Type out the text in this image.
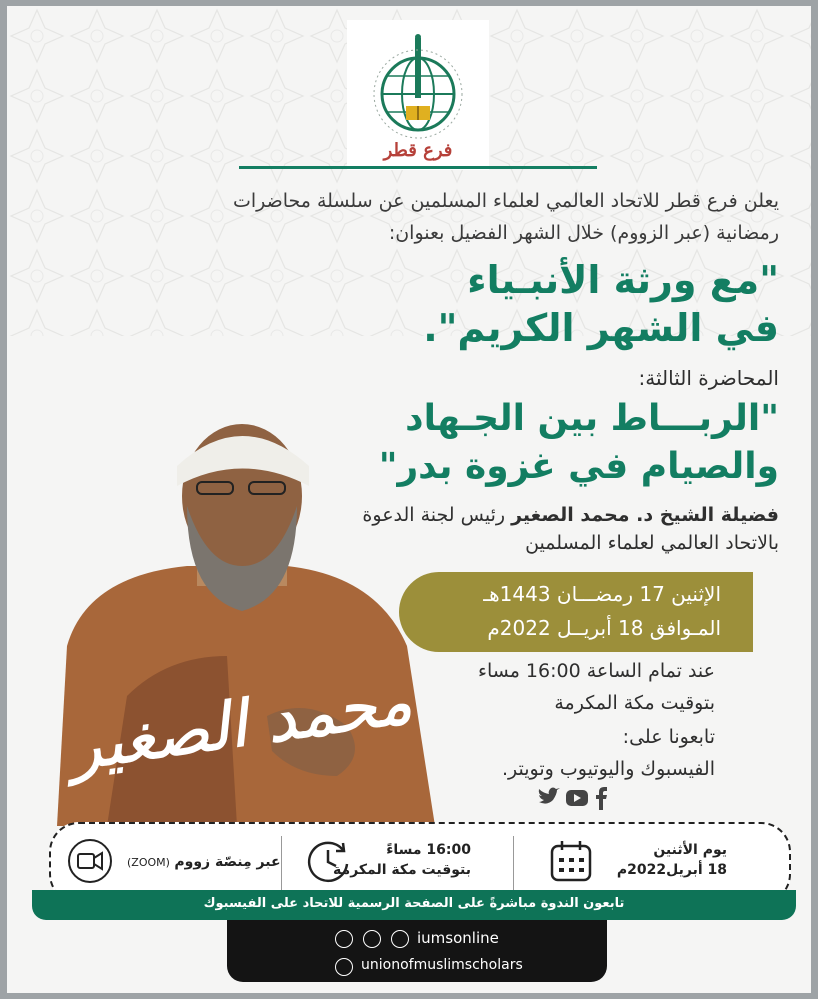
فرع قطر
يعلن فرع قطر للاتحاد العالمي لعلماء المسلمين عن سلسلة محاضرات
رمضانية (عبر الزووم) خلال الشهر الفضيل بعنوان:
"مع ورثة الأنبـياء
في الشهر الكريم".
المحاضرة الثالثة:
"الربـــاط بين الجـهاد
والصيام في غزوة بدر"
فضيلة الشيخ د. محمد الصغير رئيس لجنة الدعوة
بالاتحاد العالمي لعلماء المسلمين
محمد الصغير
الإثنين 17 رمضـــان 1443هـ
المـوافق 18 أبريــل 2022م
عند تمام الساعة 16:00 مساء
بتوقيت مكة المكرمة
تابعونا على:
الفيسبوك واليوتيوب وتويتر.
عبر مِنصّة زووم (ZOOM)
16:00 مساءً
بتوقيت مكة المكرمة
يوم الأثنين
18 أبريل2022م
تابعون الندوة مباشرةً على الصفحة الرسمية للاتحاد على الفيسبوك
iumsonline
unionofmuslimscholars
